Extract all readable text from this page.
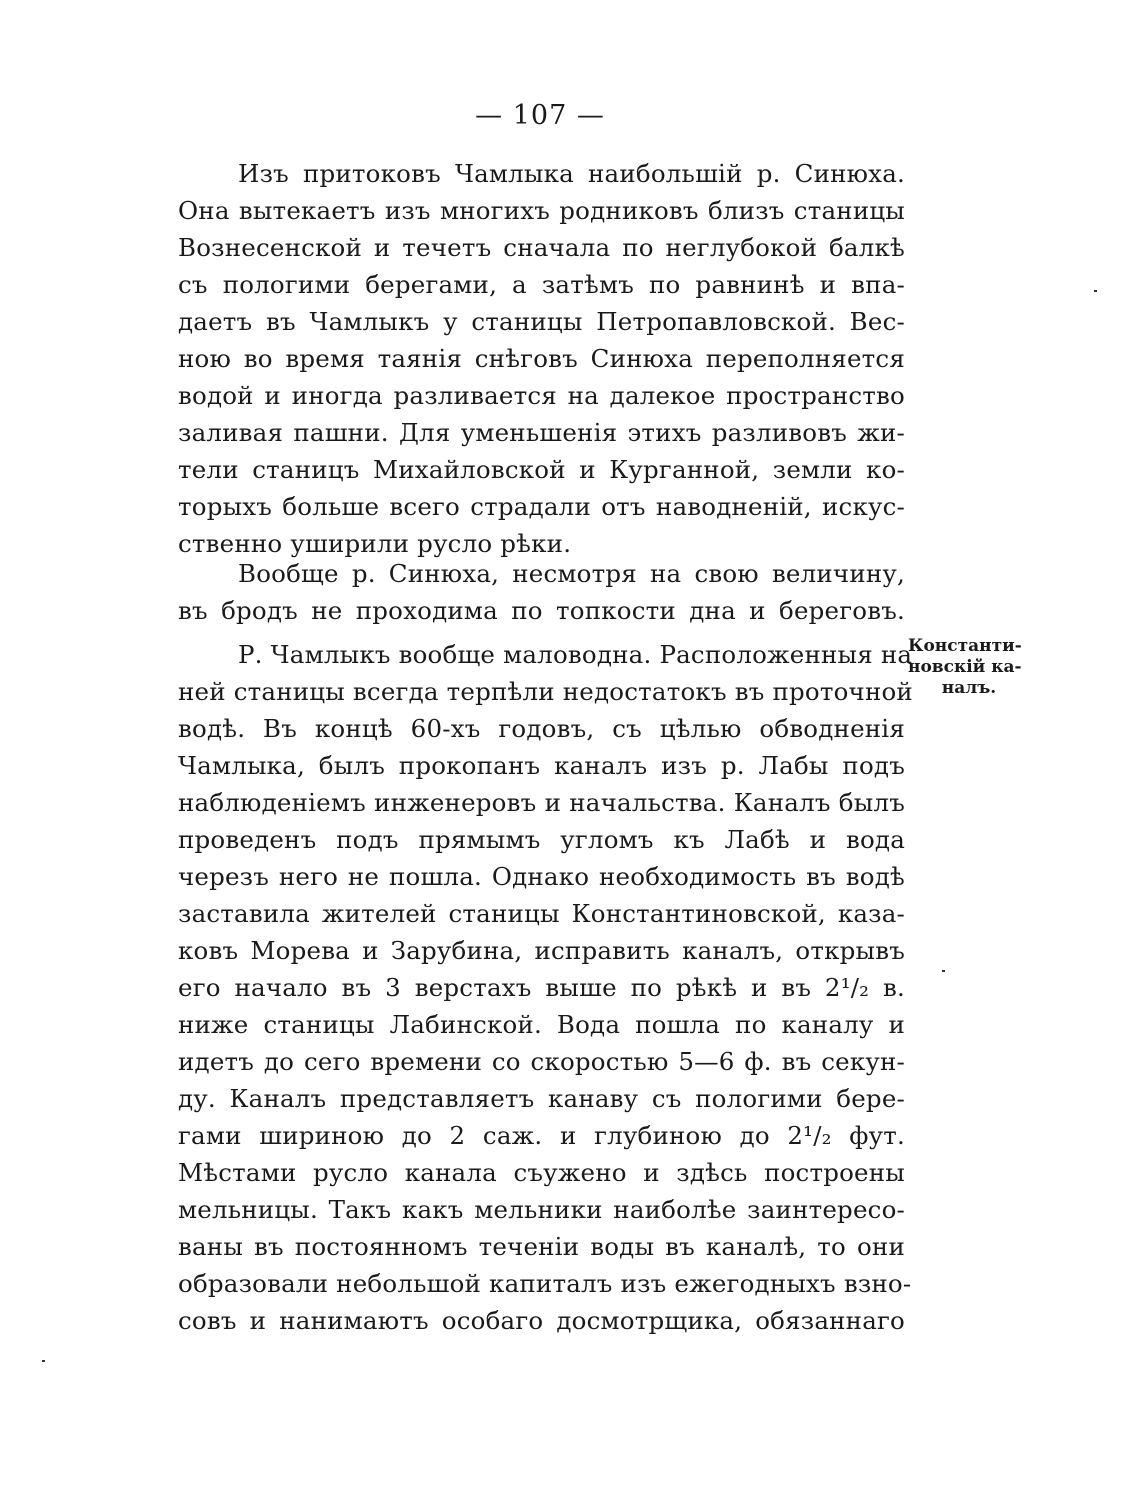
— 107 —
Изъ притоковъ Чамлыка наибольшій р. Синюха.
Она вытекаетъ изъ многихъ родниковъ близъ станицы
Вознесенской и течетъ сначала по неглубокой балкѣ
съ пологими берегами, а затѣмъ по равнинѣ и впа-
даетъ въ Чамлыкъ у станицы Петропавловской. Вес-
ною во время таянія снѣговъ Синюха переполняется
водой и иногда разливается на далекое пространство
заливая пашни. Для уменьшенія этихъ разливовъ жи-
тели станицъ Михайловской и Курганной, земли ко-
торыхъ больше всего страдали отъ наводненій, искус-
ственно уширили русло рѣки.
Вообще р. Синюха, несмотря на свою величину,
въ бродъ не проходима по топкости дна и береговъ.
Р. Чамлыкъ вообще маловодна. Расположенныя на
ней станицы всегда терпѣли недостатокъ въ проточной
водѣ. Въ концѣ 60-хъ годовъ, съ цѣлью обводненія
Чамлыка, былъ прокопанъ каналъ изъ р. Лабы подъ
наблюденіемъ инженеровъ и начальства. Каналъ былъ
проведенъ подъ прямымъ угломъ къ Лабѣ и вода
черезъ него не пошла. Однако необходимость въ водѣ
заставила жителей станицы Константиновской, каза-
ковъ Морева и Зарубина, исправить каналъ, открывъ
его начало въ 3 верстахъ выше по рѣкѣ и въ 2¹/₂ в.
ниже станицы Лабинской. Вода пошла по каналу и
идетъ до сего времени со скоростью 5—6 ф. въ секун-
ду. Каналъ представляетъ канаву съ пологими бере-
гами шириною до 2 саж. и глубиною до 2¹/₂ фут.
Мѣстами русло канала съужено и здѣсь построены
мельницы. Такъ какъ мельники наиболѣе заинтересо-
ваны въ постоянномъ теченіи воды въ каналѣ, то они
образовали небольшой капиталъ изъ ежегодныхъ взно-
совъ и нанимаютъ особаго досмотрщика, обязаннаго
Константи-
новскій ка-
налъ.
